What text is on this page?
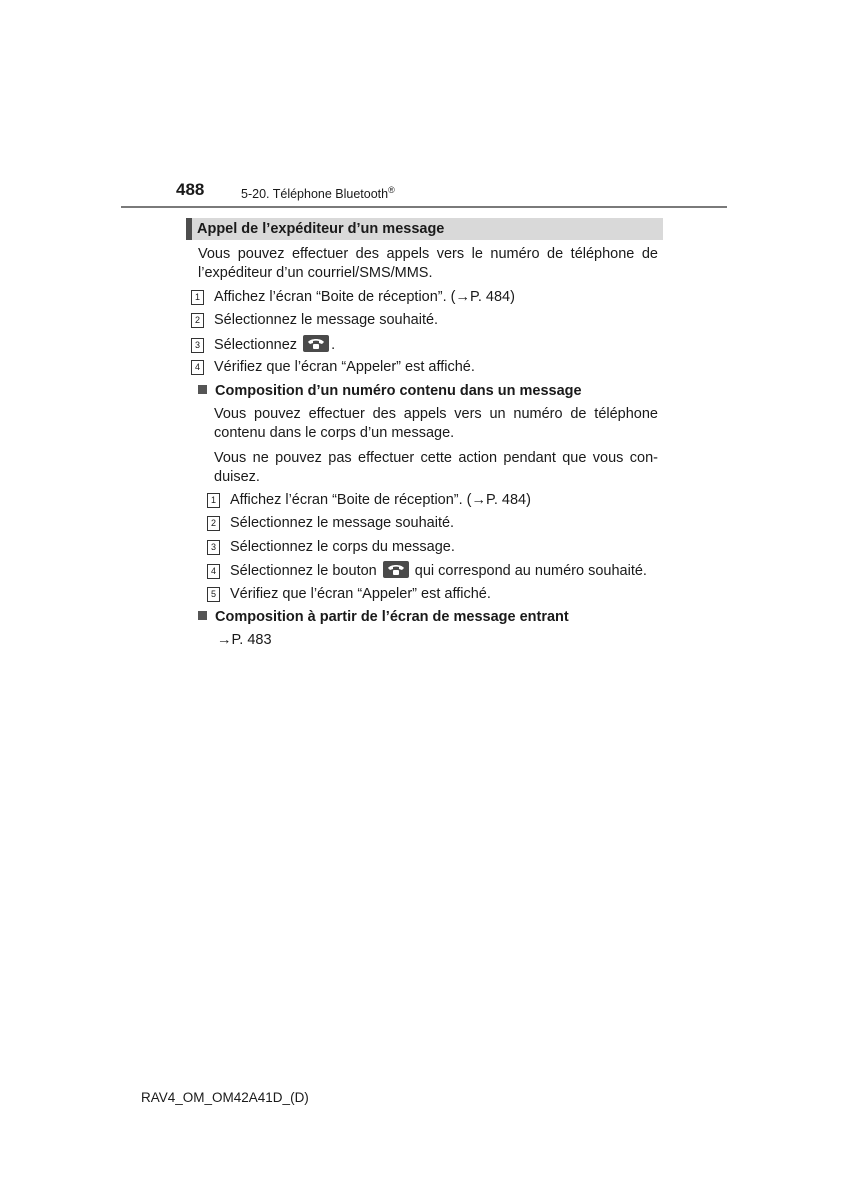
488	5-20. Téléphone Bluetooth®
Appel de l’expéditeur d’un message
Vous pouvez effectuer des appels vers le numéro de téléphone de
l’expéditeur d’un courriel/SMS/MMS.
1 Affichez l’écran “Boite de réception”. (→P. 484)
2 Sélectionnez le message souhaité.
3 Sélectionnez .
4 Vérifiez que l’écran “Appeler” est affiché.
Composition d’un numéro contenu dans un message
Vous pouvez effectuer des appels vers un numéro de téléphone
contenu dans le corps d’un message.
Vous ne pouvez pas effectuer cette action pendant que vous con-
duisez.
1 Affichez l’écran “Boite de réception”. (→P. 484)
2 Sélectionnez le message souhaité.
3 Sélectionnez le corps du message.
4 Sélectionnez le bouton	qui correspond au numéro souhaité.
5 Vérifiez que l’écran “Appeler” est affiché.
Composition à partir de l’écran de message entrant
→P. 483
RAV4_OM_OM42A41D_(D)
